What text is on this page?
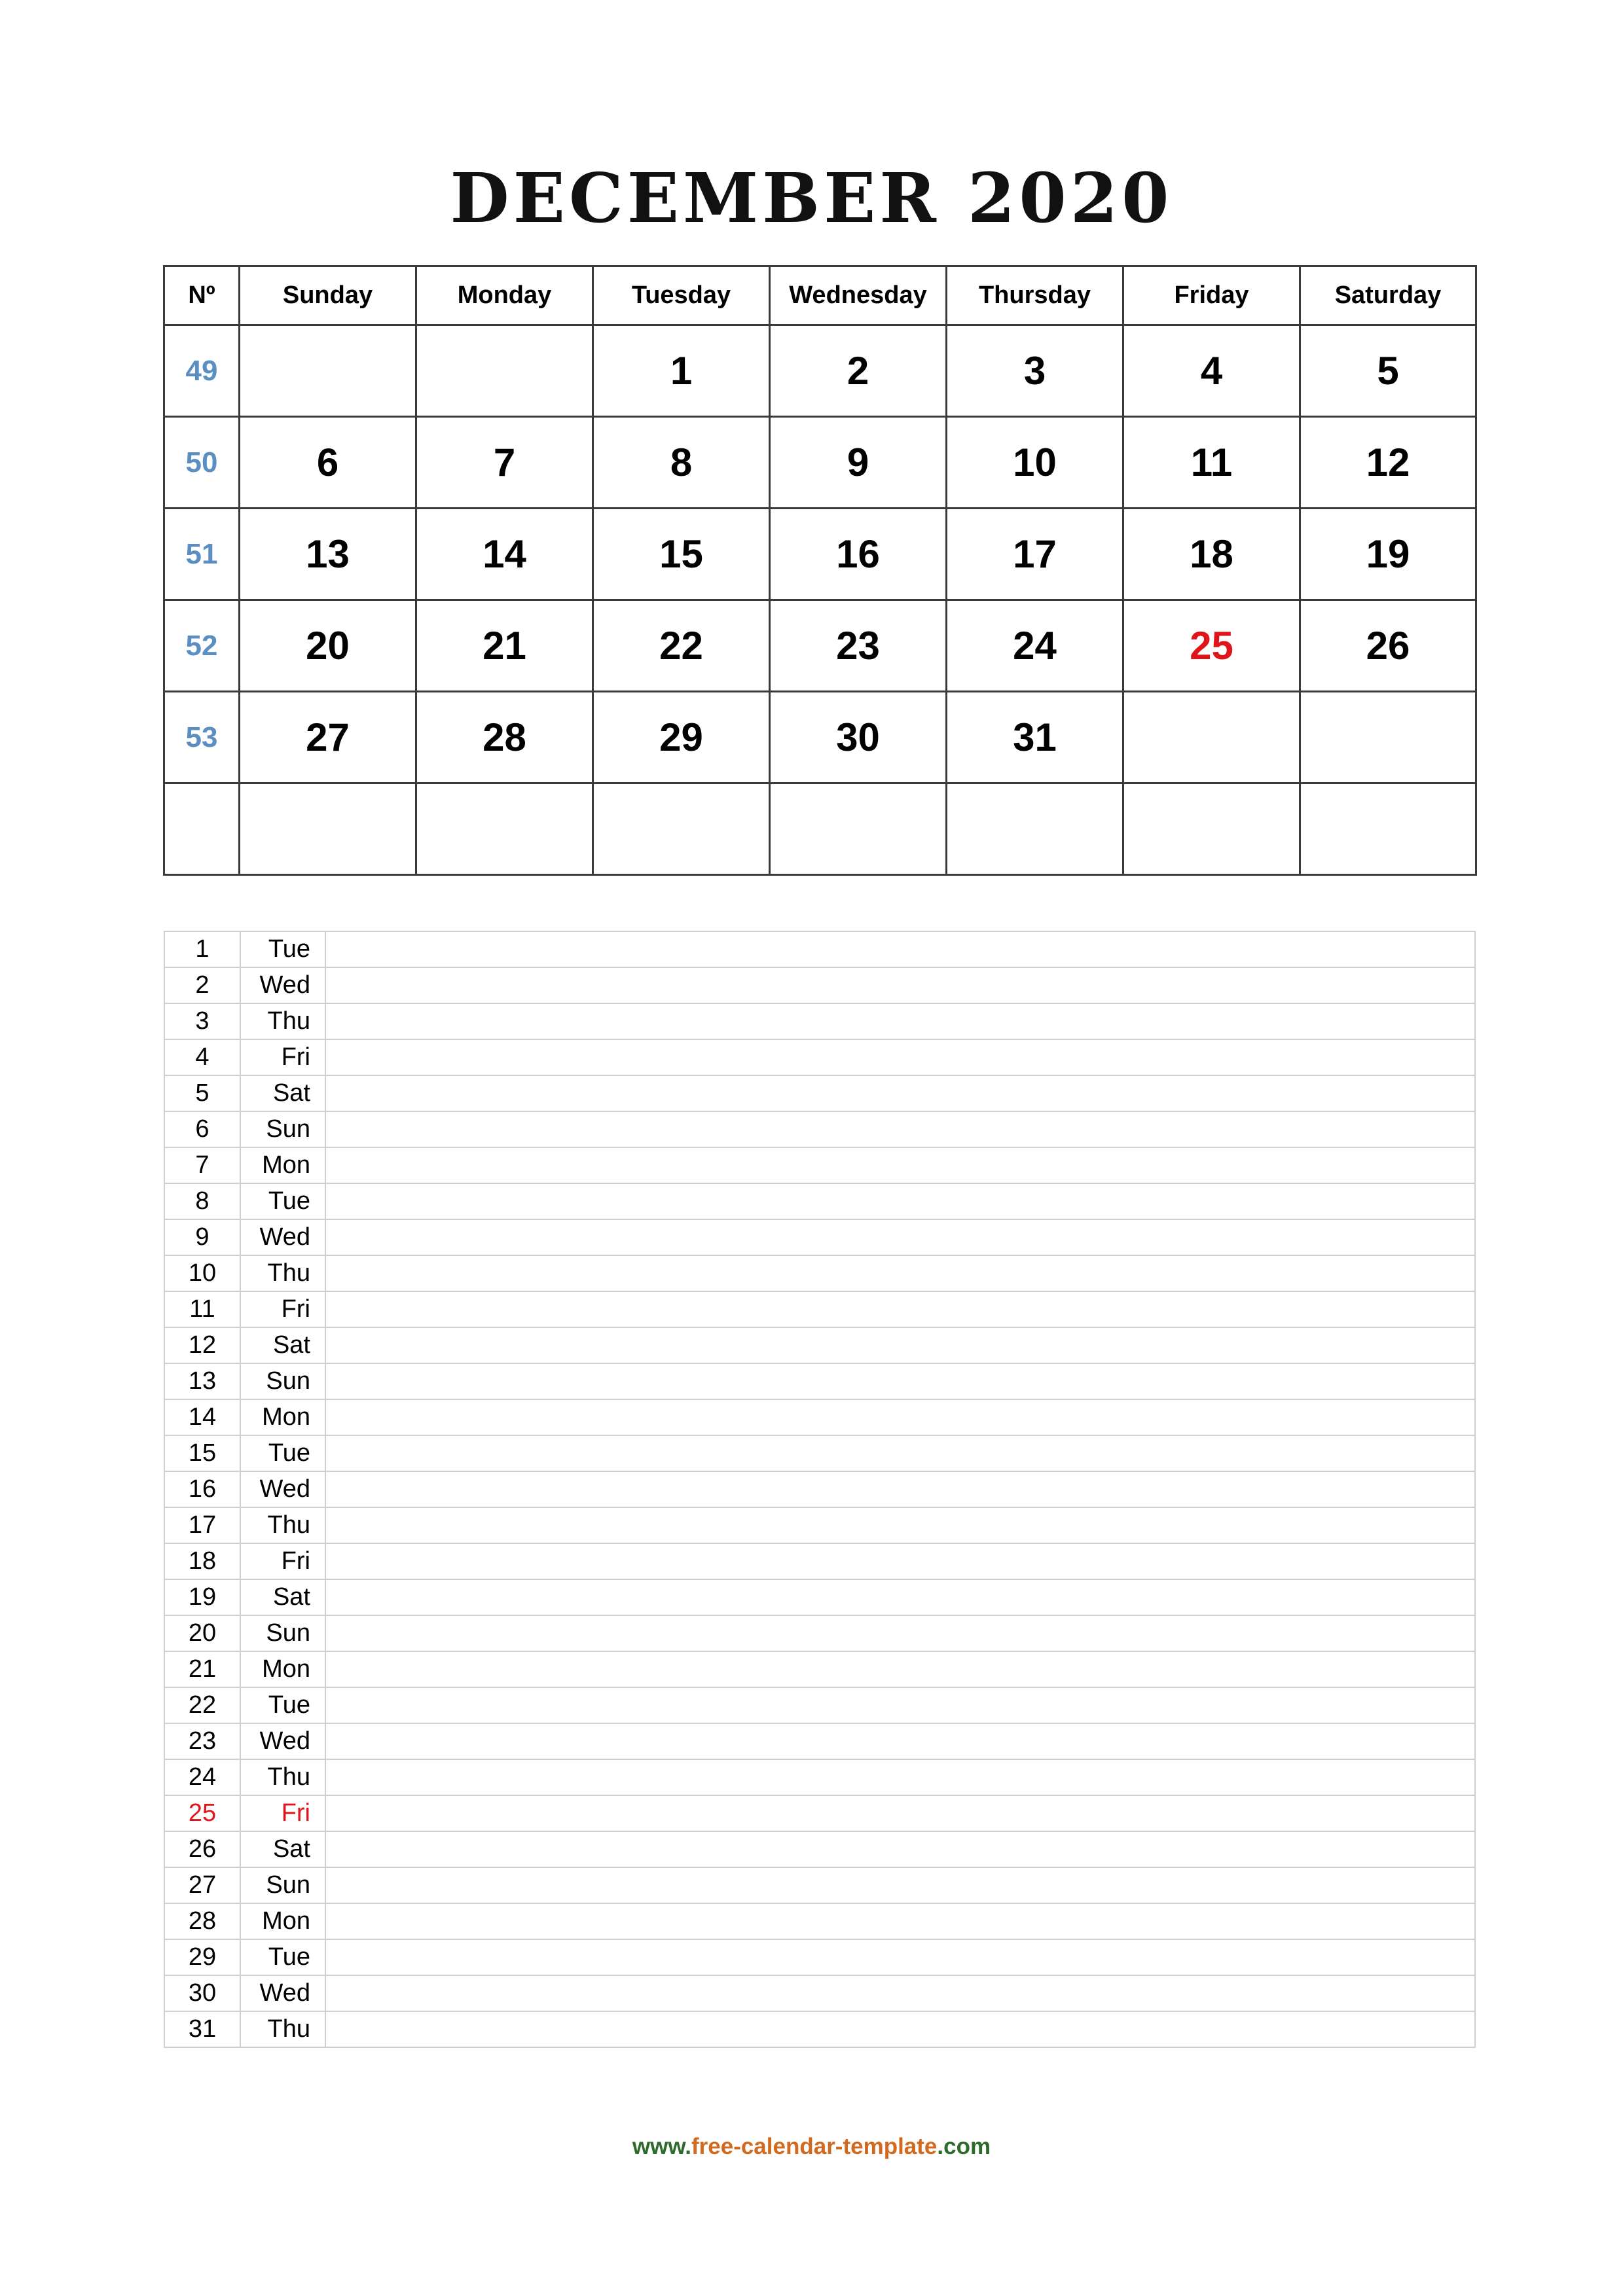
DECEMBER 2020
Nº	Sunday	Monday	Tuesday	Wednesday	Thursday	Friday	Saturday
49			1	2	3	4	5
50	6	7	8	9	10	11	12
51	13	14	15	16	17	18	19
52	20	21	22	23	24	25	26
53	27	28	29	30	31		

1	Tue	
2	Wed	
3	Thu	
4	Fri	
5	Sat	
6	Sun	
7	Mon	
8	Tue	
9	Wed	
10	Thu	
11	Fri	
12	Sat	
13	Sun	
14	Mon	
15	Tue	
16	Wed	
17	Thu	
18	Fri	
19	Sat	
20	Sun	
21	Mon	
22	Tue	
23	Wed	
24	Thu	
25	Fri	
26	Sat	
27	Sun	
28	Mon	
29	Tue	
30	Wed	
31	Thu	
www.free-calendar-template.com
